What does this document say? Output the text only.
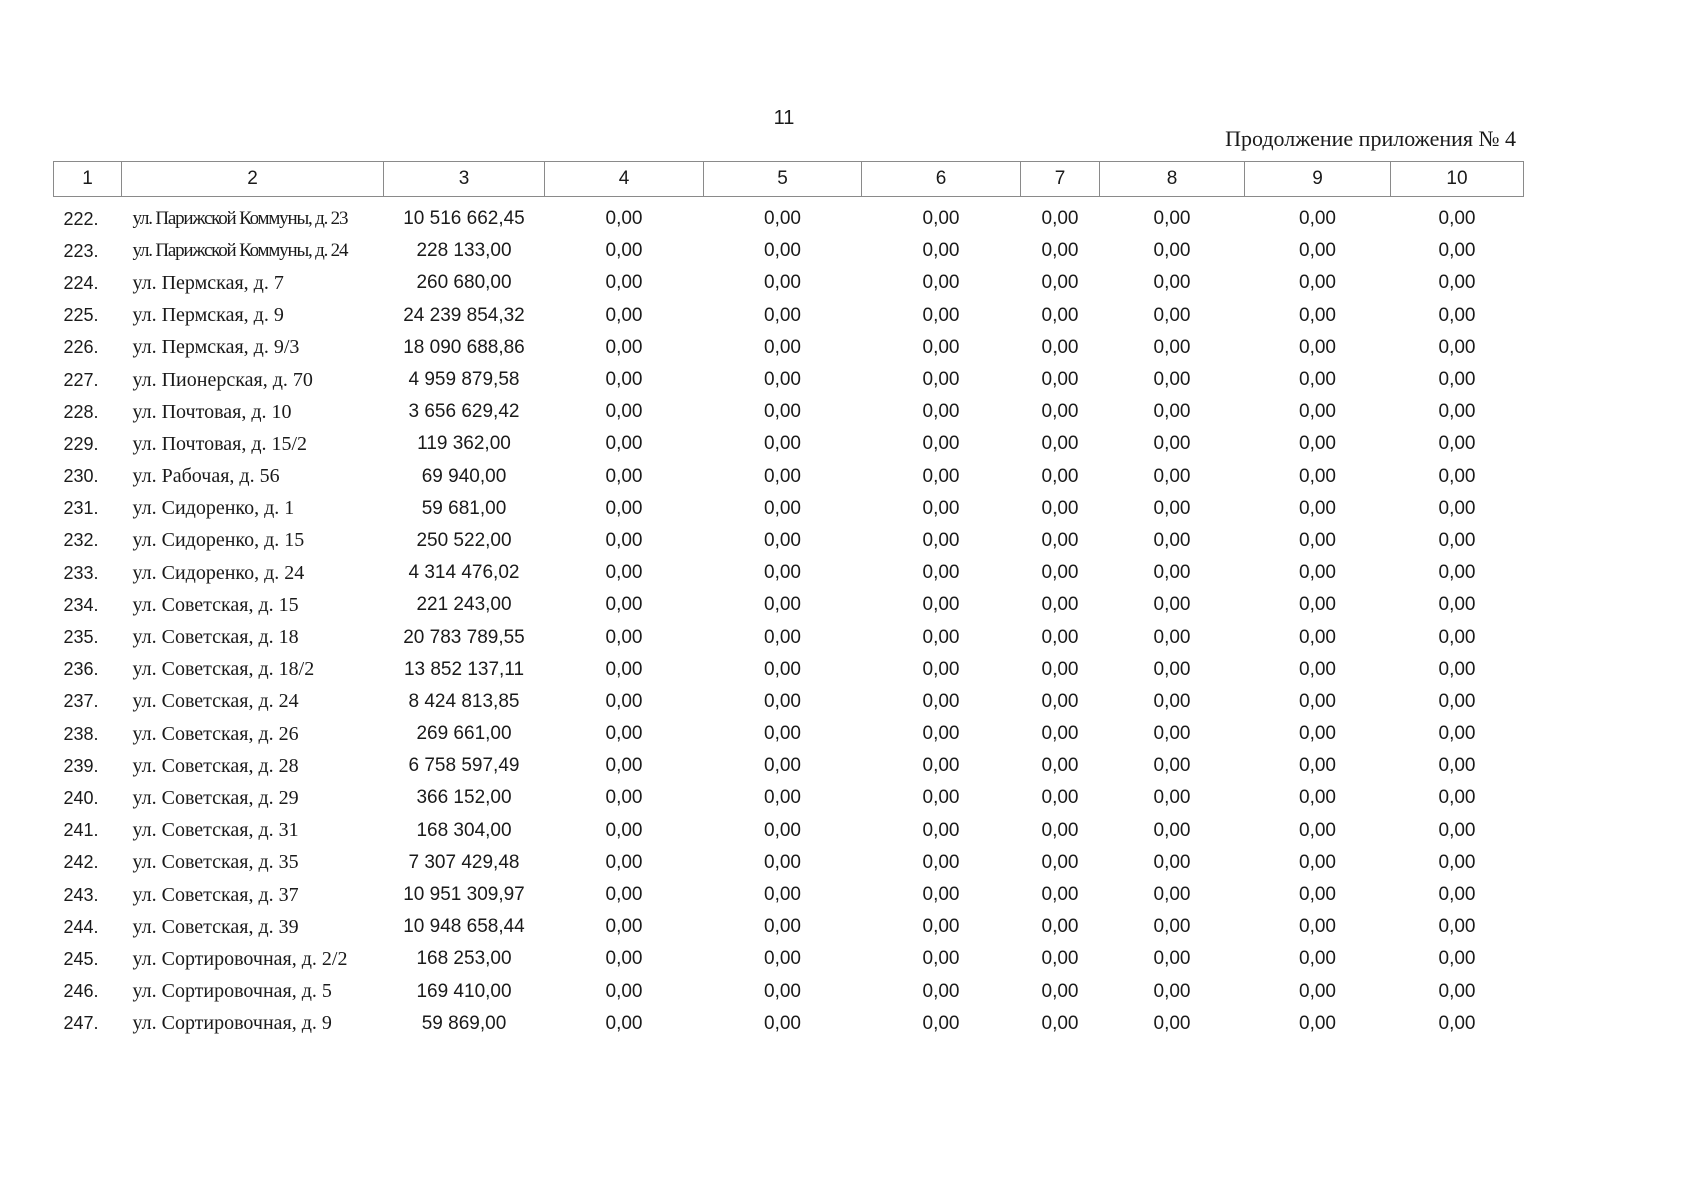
11
Продолжение приложения № 4
1	2	3	4	5	6	7	8	9	10
222.	ул. Парижской Коммуны, д. 23	10 516 662,45	0,00	0,00	0,00	0,00	0,00	0,00	0,00
223.	ул. Парижской Коммуны, д. 24	228 133,00	0,00	0,00	0,00	0,00	0,00	0,00	0,00
224.	ул. Пермская, д. 7	260 680,00	0,00	0,00	0,00	0,00	0,00	0,00	0,00
225.	ул. Пермская, д. 9	24 239 854,32	0,00	0,00	0,00	0,00	0,00	0,00	0,00
226.	ул. Пермская, д. 9/3	18 090 688,86	0,00	0,00	0,00	0,00	0,00	0,00	0,00
227.	ул. Пионерская, д. 70	4 959 879,58	0,00	0,00	0,00	0,00	0,00	0,00	0,00
228.	ул. Почтовая, д. 10	3 656 629,42	0,00	0,00	0,00	0,00	0,00	0,00	0,00
229.	ул. Почтовая, д. 15/2	119 362,00	0,00	0,00	0,00	0,00	0,00	0,00	0,00
230.	ул. Рабочая, д. 56	69 940,00	0,00	0,00	0,00	0,00	0,00	0,00	0,00
231.	ул. Сидоренко, д. 1	59 681,00	0,00	0,00	0,00	0,00	0,00	0,00	0,00
232.	ул. Сидоренко, д. 15	250 522,00	0,00	0,00	0,00	0,00	0,00	0,00	0,00
233.	ул. Сидоренко, д. 24	4 314 476,02	0,00	0,00	0,00	0,00	0,00	0,00	0,00
234.	ул. Советская, д. 15	221 243,00	0,00	0,00	0,00	0,00	0,00	0,00	0,00
235.	ул. Советская, д. 18	20 783 789,55	0,00	0,00	0,00	0,00	0,00	0,00	0,00
236.	ул. Советская, д. 18/2	13 852 137,11	0,00	0,00	0,00	0,00	0,00	0,00	0,00
237.	ул. Советская, д. 24	8 424 813,85	0,00	0,00	0,00	0,00	0,00	0,00	0,00
238.	ул. Советская, д. 26	269 661,00	0,00	0,00	0,00	0,00	0,00	0,00	0,00
239.	ул. Советская, д. 28	6 758 597,49	0,00	0,00	0,00	0,00	0,00	0,00	0,00
240.	ул. Советская, д. 29	366 152,00	0,00	0,00	0,00	0,00	0,00	0,00	0,00
241.	ул. Советская, д. 31	168 304,00	0,00	0,00	0,00	0,00	0,00	0,00	0,00
242.	ул. Советская, д. 35	7 307 429,48	0,00	0,00	0,00	0,00	0,00	0,00	0,00
243.	ул. Советская, д. 37	10 951 309,97	0,00	0,00	0,00	0,00	0,00	0,00	0,00
244.	ул. Советская, д. 39	10 948 658,44	0,00	0,00	0,00	0,00	0,00	0,00	0,00
245.	ул. Сортировочная, д. 2/2	168 253,00	0,00	0,00	0,00	0,00	0,00	0,00	0,00
246.	ул. Сортировочная, д. 5	169 410,00	0,00	0,00	0,00	0,00	0,00	0,00	0,00
247.	ул. Сортировочная, д. 9	59 869,00	0,00	0,00	0,00	0,00	0,00	0,00	0,00
